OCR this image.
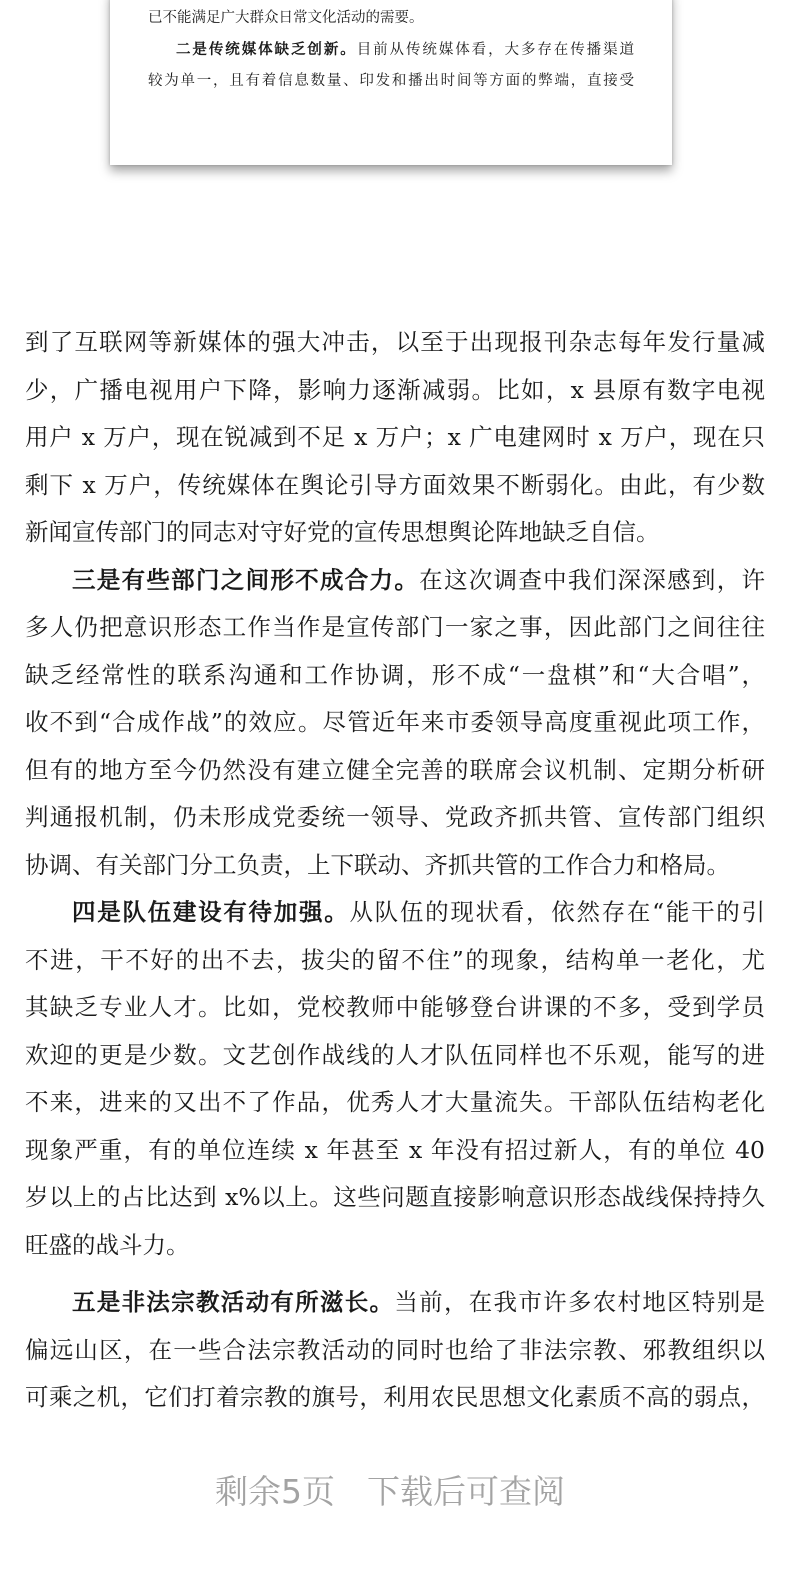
已不能满足广大群众日常文化活动的需要。
二是传统媒体缺乏创新。目前从传统媒体看，大多存在传播渠道
较为单一，且有着信息数量、印发和播出时间等方面的弊端，直接受
到了互联网等新媒体的强大冲击，以至于出现报刊杂志每年发行量减
少，广播电视用户下降，影响力逐渐减弱。比如，x 县原有数字电视
用户 x 万户，现在锐减到不足 x 万户；x 广电建网时 x 万户，现在只
剩下 x 万户，传统媒体在舆论引导方面效果不断弱化。由此，有少数
新闻宣传部门的同志对守好党的宣传思想舆论阵地缺乏自信。
三是有些部门之间形不成合力。在这次调查中我们深深感到，许
多人仍把意识形态工作当作是宣传部门一家之事，因此部门之间往往
缺乏经常性的联系沟通和工作协调，形不成“一盘棋”和“大合唱”，
收不到“合成作战”的效应。尽管近年来市委领导高度重视此项工作，
但有的地方至今仍然没有建立健全完善的联席会议机制、定期分析研
判通报机制，仍未形成党委统一领导、党政齐抓共管、宣传部门组织
协调、有关部门分工负责，上下联动、齐抓共管的工作合力和格局。
四是队伍建设有待加强。从队伍的现状看，依然存在“能干的引
不进，干不好的出不去，拔尖的留不住”的现象，结构单一老化，尤
其缺乏专业人才。比如，党校教师中能够登台讲课的不多，受到学员
欢迎的更是少数。文艺创作战线的人才队伍同样也不乐观，能写的进
不来，进来的又出不了作品，优秀人才大量流失。干部队伍结构老化
现象严重，有的单位连续 x 年甚至 x 年没有招过新人，有的单位 40
岁以上的占比达到 x%以上。这些问题直接影响意识形态战线保持持久
旺盛的战斗力。
五是非法宗教活动有所滋长。当前，在我市许多农村地区特别是
偏远山区，在一些合法宗教活动的同时也给了非法宗教、邪教组织以
可乘之机，它们打着宗教的旗号，利用农民思想文化素质不高的弱点，
剩余5页 下载后可查阅
